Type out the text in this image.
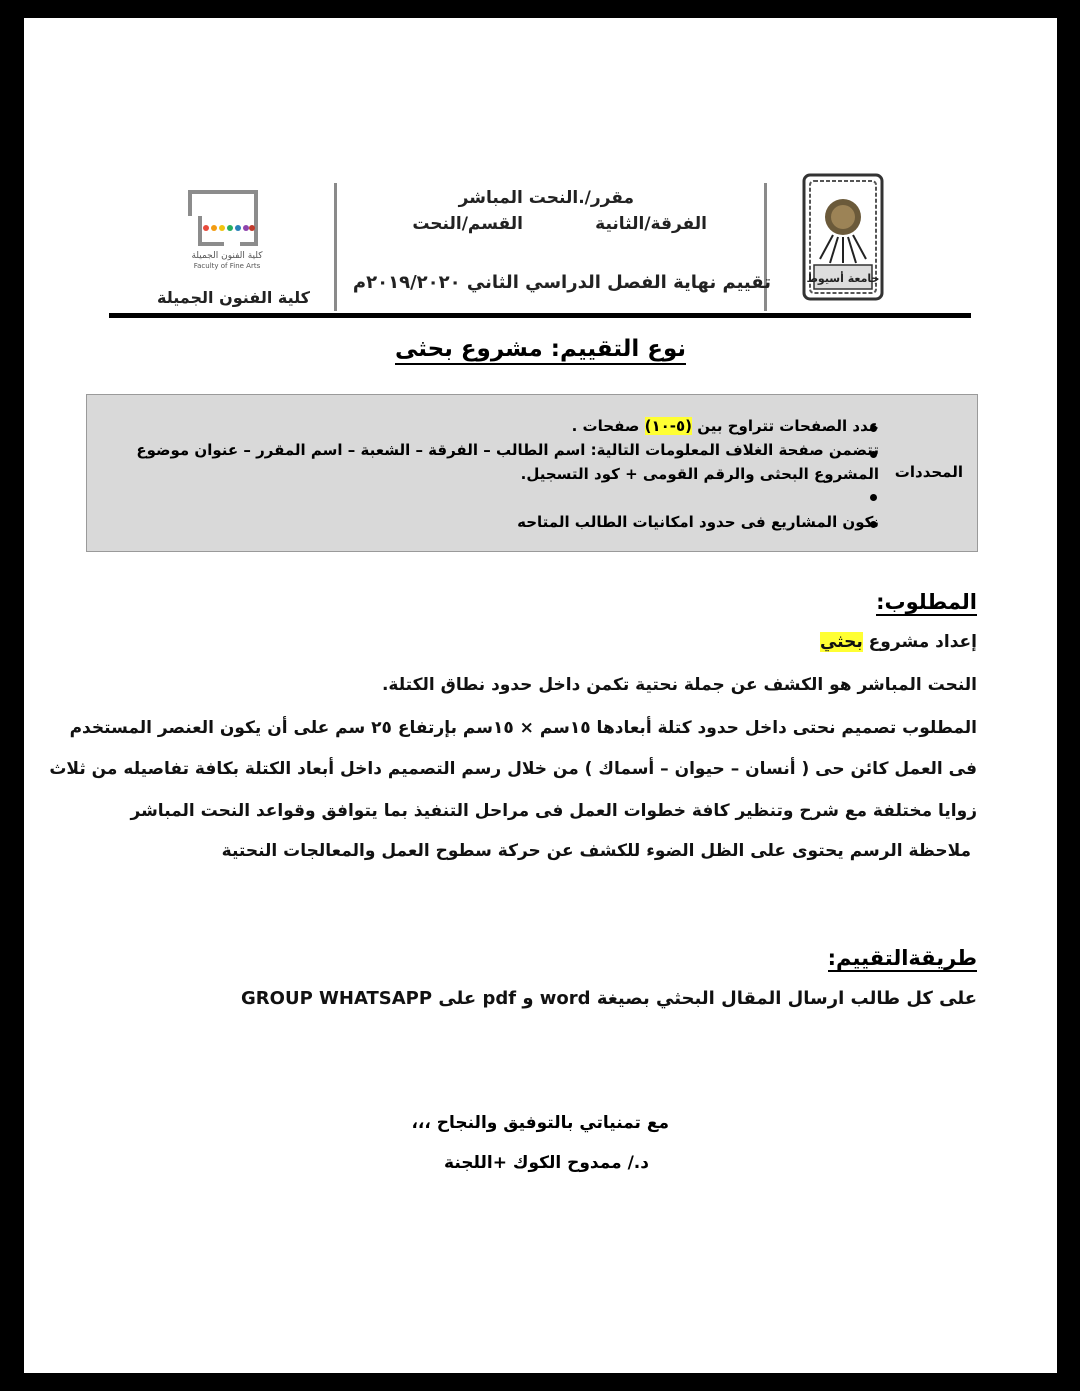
جامعة أسيوط
مقرر/.النحت المباشر
الفرقة/الثانية
القسم/النحت
تقييم نهاية الفصل الدراسي الثاني ٢٠١٩/٢٠٢٠م
كلية الفنون الجميلة
Faculty of Fine Arts
كلية الفنون الجميلة
نوع التقييم: مشروع بحثى
المحددات
عدد الصفحات تتراوح بين (٥-١٠) صفحات .
تتضمن صفحة الغلاف المعلومات التالية: اسم الطالب – الفرقة – الشعبة – اسم المقرر – عنوان موضوع
المشروع البحثى والرقم القومى + كود التسجيل.
نكون المشاريع فى حدود امكانيات الطالب المتاحه
المطلوب:
إعداد مشروع بحثي
النحت المباشر هو الكشف عن جملة نحتية تكمن داخل حدود نطاق الكتلة.
المطلوب تصميم نحتى داخل حدود كتلة أبعادها ١٥سم × ١٥سم بإرتفاع ٢٥ سم على أن يكون العنصر المستخدم
فى العمل كائن حى ( أنسان – حيوان – أسماك ) من خلال رسم التصميم داخل أبعاد الكتلة بكافة تفاصيله من ثلاث
زوايا مختلفة مع شرح وتنظير كافة خطوات العمل فى مراحل التنفيذ بما يتوافق وقواعد النحت المباشر
ملاحظة الرسم يحتوى على الظل الضوء للكشف عن حركة سطوح العمل والمعالجات النحتية
طريقةالتقييم:
على كل طالب ارسال المقال البحثي بصيغة word و pdf على GROUP WHATSAPP
مع تمنياتي بالتوفيق والنجاح ،،،
د./ ممدوح الكوك +اللجنة
